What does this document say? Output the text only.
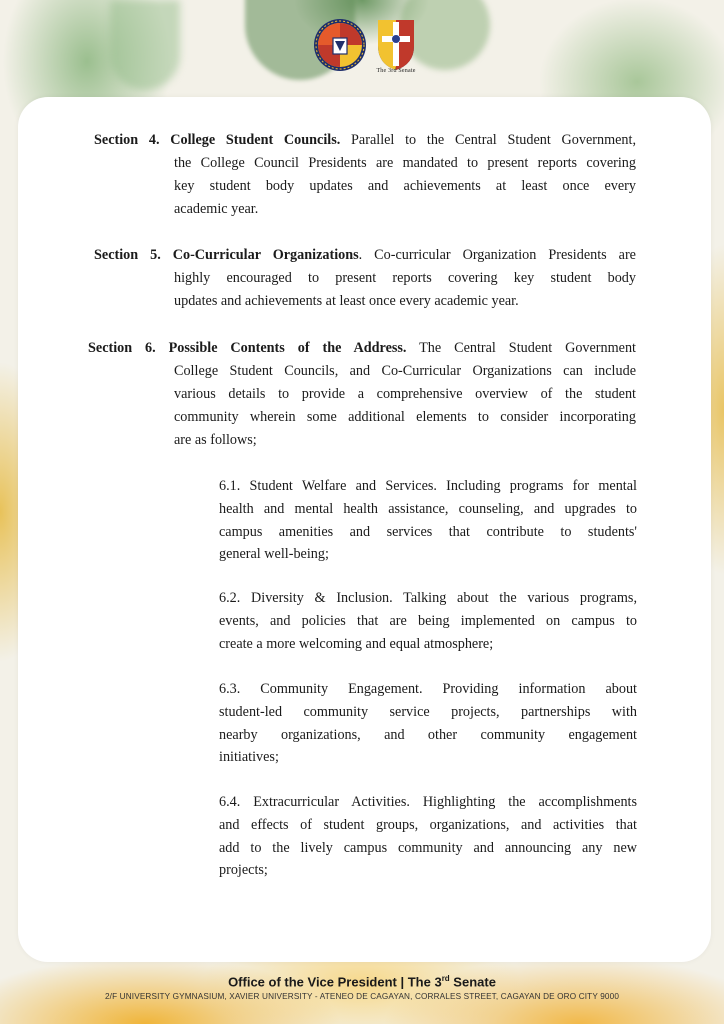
The 3rd Senate
Section 4. College Student Councils. Parallel to the Central Student Government,
the College Council Presidents are mandated to present reports covering
key student body updates and achievements at least once every
academic year.
Section 5. Co-Curricular Organizations. Co-curricular Organization Presidents are
highly encouraged to present reports covering key student body
updates and achievements at least once every academic year.
Section 6. Possible Contents of the Address. The Central Student Government
College Student Councils, and Co-Curricular Organizations can include
various details to provide a comprehensive overview of the student
community wherein some additional elements to consider incorporating
are as follows;
6.1. Student Welfare and Services. Including programs for mental
health and mental health assistance, counseling, and upgrades to
campus amenities and services that contribute to students'
general well-being;
6.2. Diversity & Inclusion. Talking about the various programs,
events, and policies that are being implemented on campus to
create a more welcoming and equal atmosphere;
6.3. Community Engagement. Providing information about
student-led community service projects, partnerships with
nearby organizations, and other community engagement
initiatives;
6.4. Extracurricular Activities. Highlighting the accomplishments
and effects of student groups, organizations, and activities that
add to the lively campus community and announcing any new
projects;
Office of the Vice President | The 3rd Senate
2/F UNIVERSITY GYMNASIUM, XAVIER UNIVERSITY - ATENEO DE CAGAYAN, CORRALES STREET, CAGAYAN DE ORO CITY 9000
